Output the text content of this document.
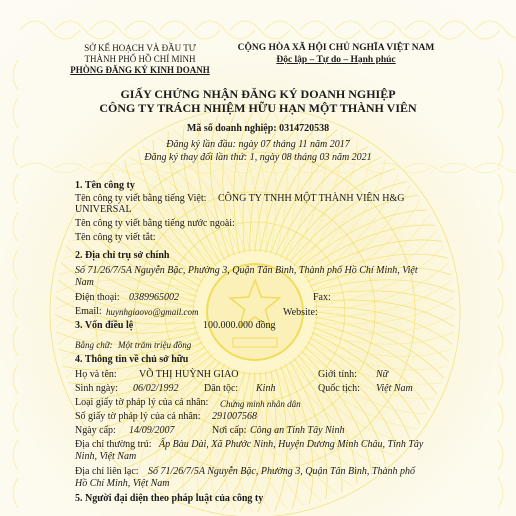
SỞ KẾ HOẠCH VÀ ĐẦU TƯ
THÀNH PHỐ HỒ CHÍ MINH
PHÒNG ĐĂNG KÝ KINH DOANH
CỘNG HÒA XÃ HỘI CHỦ NGHĨA VIỆT NAM
Độc lập – Tự do – Hạnh phúc
GIẤY CHỨNG NHẬN ĐĂNG KÝ DOANH NGHIỆP
CÔNG TY TRÁCH NHIỆM HỮU HẠN MỘT THÀNH VIÊN
Mã số doanh nghiệp: 0314720538
Đăng ký lần đầu: ngày 07 tháng 11 năm 2017
Đăng ký thay đổi lần thứ: 1, ngày 08 tháng 03 năm 2021
1. Tên công ty
Tên công ty viết bằng tiếng Việt: CÔNG TY TNHH MỘT THÀNH VIÊN H&G
UNIVERSAL
Tên công ty viết bằng tiếng nước ngoài:
Tên công ty viết tắt:
2. Địa chỉ trụ sở chính
Số 71/26/7/5A Nguyễn Bặc, Phường 3, Quận Tân Bình, Thành phố Hồ Chí Minh, Việt
Nam
Điện thoại: 0389965002	Fax:
Email: huynhgiaovo@gmail.com	Website:
3. Vốn điều lệ	100.000.000 đồng
Bằng chữ: Một trăm triệu đồng
4. Thông tin về chủ sở hữu
Họ và tên: VÕ THỊ HUỲNH GIAO	Giới tính: Nữ
Sinh ngày: 06/02/1992	Dân tộc: Kinh	Quốc tịch: Việt Nam
Loại giấy tờ pháp lý của cá nhân: Chứng minh nhân dân
Số giấy tờ pháp lý của cá nhân: 291007568
Ngày cấp: 14/09/2007	Nơi cấp: Công an Tỉnh Tây Ninh
Địa chỉ thường trú: Ấp Bàu Dài, Xã Phước Ninh, Huyện Dương Minh Châu, Tỉnh Tây
Ninh, Việt Nam
Địa chỉ liên lạc: Số 71/26/7/5A Nguyễn Bặc, Phường 3, Quận Tân Bình, Thành phố
Hồ Chí Minh, Việt Nam
5. Người đại diện theo pháp luật của công ty
